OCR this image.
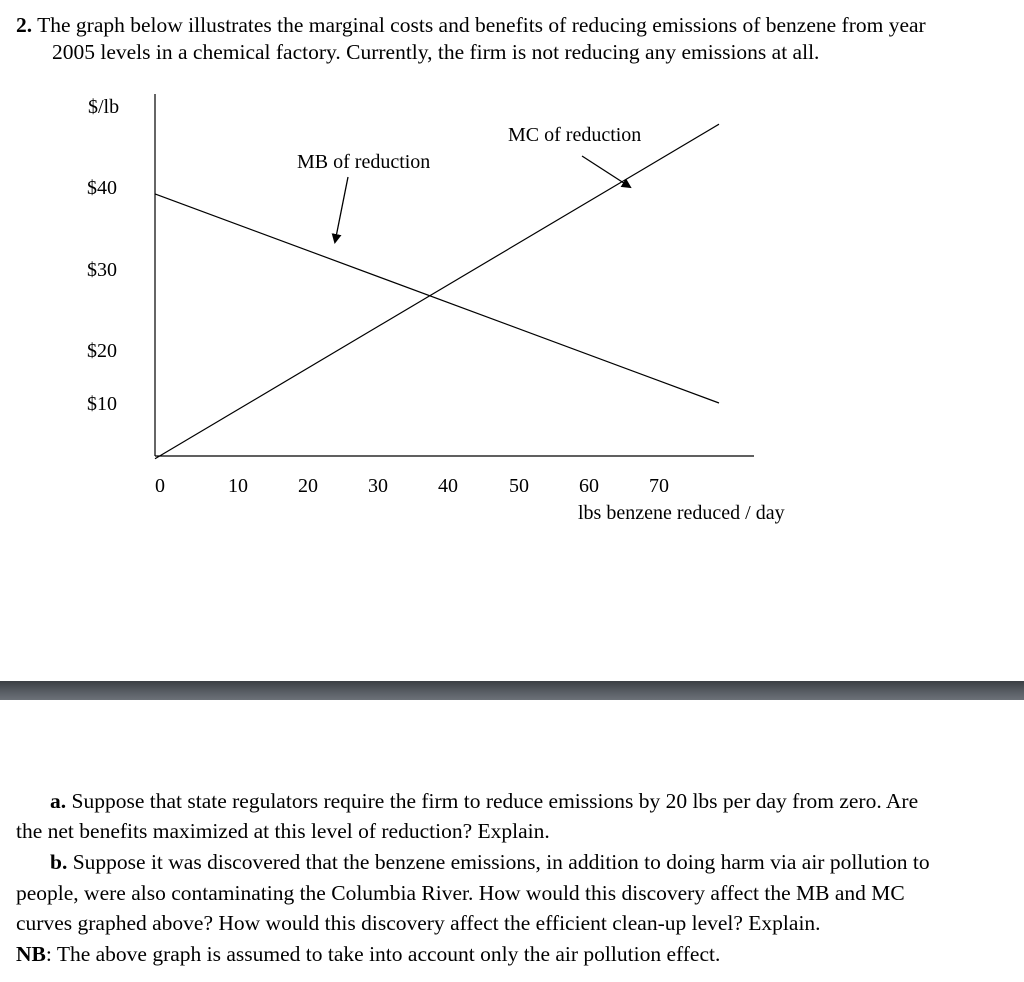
2. The graph below illustrates the marginal costs and benefits of reducing emissions of benzene from year
2005 levels in a chemical factory. Currently, the firm is not reducing any emissions at all.
$/lb
lbs benzene reduced / day
$40
$30
$20
$10
0	10	20	30	40	50	60	70
MB of reduction
MC of reduction
a. Suppose that state regulators require the firm to reduce emissions by 20 lbs per day from zero. Are
the net benefits maximized at this level of reduction? Explain.
b. Suppose it was discovered that the benzene emissions, in addition to doing harm via air pollution to
people, were also contaminating the Columbia River. How would this discovery affect the MB and MC
curves graphed above? How would this discovery affect the efficient clean-up level? Explain.
NB: The above graph is assumed to take into account only the air pollution effect.
